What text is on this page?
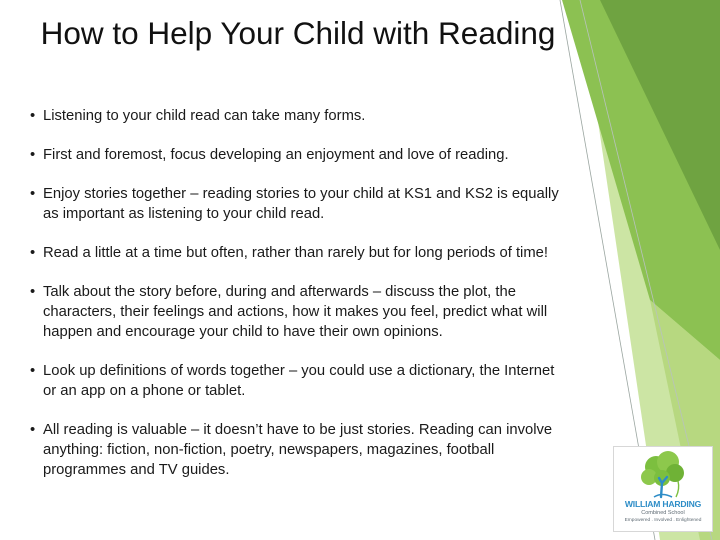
How to Help Your Child with Reading
• Listening to your child read can take many forms.
• First and foremost, focus developing an enjoyment and love of reading.
• Enjoy stories together – reading stories to your child at KS1 and KS2 is equally as important as listening to your child read.
• Read a little at a time but often, rather than rarely but for long periods of time!
• Talk about the story before, during and afterwards – discuss the plot, the characters, their feelings and actions, how it makes you feel, predict what will happen and encourage your child to have their own opinions.
• Look up definitions of words together – you could use a dictionary, the Internet or an app on a phone or tablet.
• All reading is valuable – it doesn’t have to be just stories. Reading can involve anything: fiction, non-fiction, poetry, newspapers, magazines, football programmes and TV guides.
WILLIAM HARDING
Combined School
Empowered . Involved . Enlightened
